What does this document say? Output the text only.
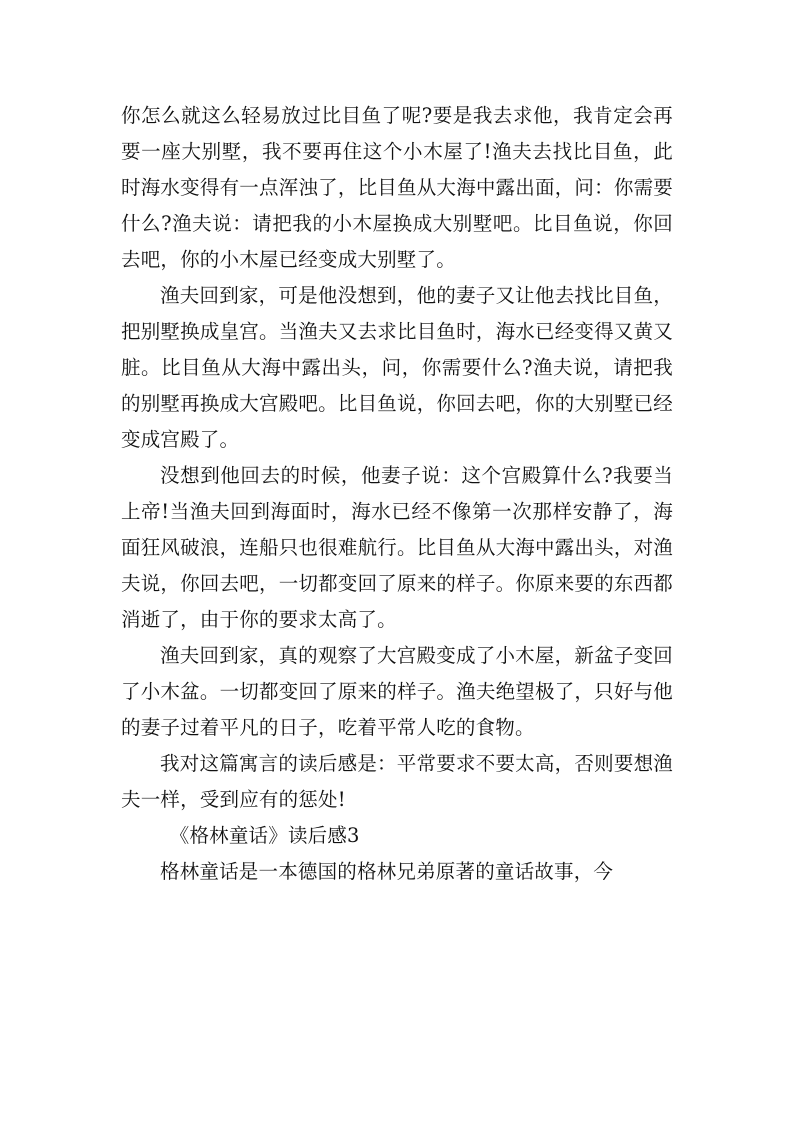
你怎么就这么轻易放过比目鱼了呢?要是我去求他，我肯定会再要一座大别墅，我不要再住这个小木屋了!渔夫去找比目鱼，此时海水变得有一点浑浊了，比目鱼从大海中露出面，问：你需要什么?渔夫说：请把我的小木屋换成大别墅吧。比目鱼说，你回去吧，你的小木屋已经变成大别墅了。

渔夫回到家，可是他没想到，他的妻子又让他去找比目鱼，把别墅换成皇宫。当渔夫又去求比目鱼时，海水已经变得又黄又脏。比目鱼从大海中露出头，问，你需要什么?渔夫说，请把我的别墅再换成大宫殿吧。比目鱼说，你回去吧，你的大别墅已经变成宫殿了。

没想到他回去的时候，他妻子说：这个宫殿算什么?我要当上帝!当渔夫回到海面时，海水已经不像第一次那样安静了，海面狂风破浪，连船只也很难航行。比目鱼从大海中露出头，对渔夫说，你回去吧，一切都变回了原来的样子。你原来要的东西都消逝了，由于你的要求太高了。

渔夫回到家，真的观察了大宫殿变成了小木屋，新盆子变回了小木盆。一切都变回了原来的样子。渔夫绝望极了，只好与他的妻子过着平凡的日子，吃着平常人吃的食物。

我对这篇寓言的读后感是：平常要求不要太高，否则要想渔夫一样，受到应有的惩处!

《格林童话》读后感3

格林童话是一本德国的格林兄弟原著的童话故事，今
